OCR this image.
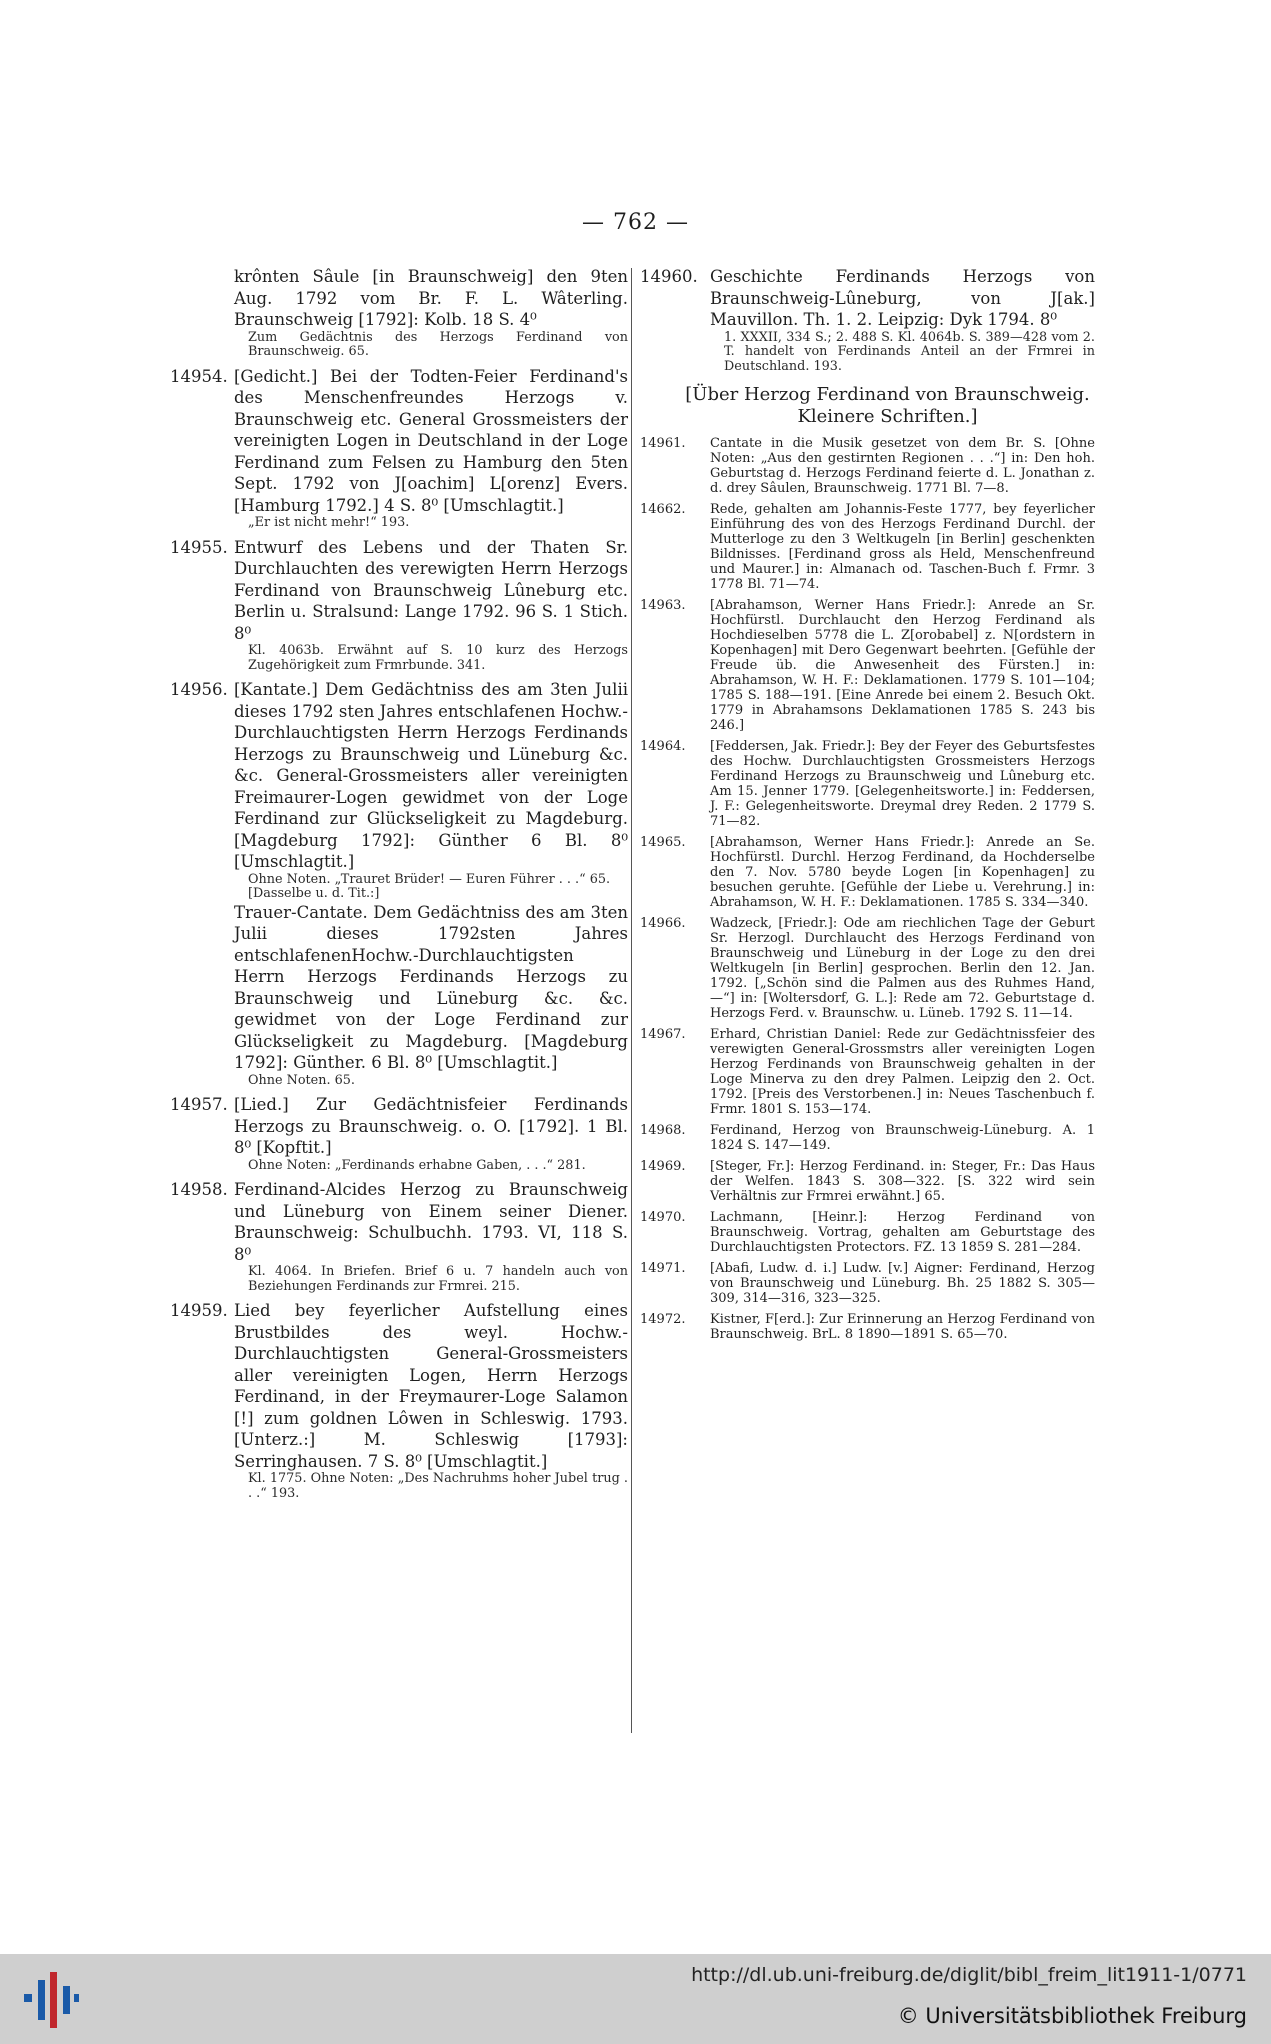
— 762 —
krônten Sâule [in Braunschweig] den 9ten Aug. 1792 vom Br. F. L. Wâterling. Braunschweig [1792]: Kolb. 18 S. 4⁰
Zum Gedächtnis des Herzogs Ferdinand von Braunschweig. 65.
14954. [Gedicht.] Bei der Todten-Feier Ferdinand's des Menschenfreundes Herzogs v. Braunschweig etc. General Grossmeisters der vereinigten Logen in Deutschland in der Loge Ferdinand zum Felsen zu Hamburg den 5ten Sept. 1792 von J[oachim] L[orenz] Evers. [Hamburg 1792.] 4 S. 8⁰ [Umschlagtit.]
„Er ist nicht mehr!“ 193.
14955. Entwurf des Lebens und der Thaten Sr. Durchlauchten des verewigten Herrn Herzogs Ferdinand von Braunschweig Lûneburg etc. Berlin u. Stralsund: Lange 1792. 96 S. 1 Stich. 8⁰
Kl. 4063b. Erwähnt auf S. 10 kurz des Herzogs Zugehörigkeit zum Frmrbunde. 341.
14956. [Kantate.] Dem Gedächtniss des am 3ten Julii dieses 1792 sten Jahres entschlafenen Hochw.-Durchlauchtigsten Herrn Herzogs Ferdinands Herzogs zu Braunschweig und Lüneburg &c. &c. General-Grossmeisters aller vereinigten Freimaurer-Logen gewidmet von der Loge Ferdinand zur Glückseligkeit zu Magdeburg. [Magdeburg 1792]: Günther 6 Bl. 8⁰ [Umschlagtit.]
Ohne Noten. „Trauret Brüder! — Euren Führer . . .“ 65.
[Dasselbe u. d. Tit.:]
Trauer-Cantate. Dem Gedächtniss des am 3ten Julii dieses 1792sten Jahres entschlafenenHochw.-Durchlauchtigsten Herrn Herzogs Ferdinands Herzogs zu Braunschweig und Lüneburg &c. &c. gewidmet von der Loge Ferdinand zur Glückseligkeit zu Magdeburg. [Magdeburg 1792]: Günther. 6 Bl. 8⁰ [Umschlagtit.]
Ohne Noten. 65.
14957. [Lied.] Zur Gedächtnisfeier Ferdinands Herzogs zu Braunschweig. o. O. [1792]. 1 Bl. 8⁰ [Kopftit.]
Ohne Noten: „Ferdinands erhabne Gaben, . . .“ 281.
14958. Ferdinand-Alcides Herzog zu Braunschweig und Lüneburg von Einem seiner Diener. Braunschweig: Schulbuchh. 1793. VI, 118 S. 8⁰
Kl. 4064. In Briefen. Brief 6 u. 7 handeln auch von Beziehungen Ferdinands zur Frmrei. 215.
14959. Lied bey feyerlicher Aufstellung eines Brustbildes des weyl. Hochw.-Durchlauchtigsten General-Grossmeisters aller vereinigten Logen, Herrn Herzogs Ferdinand, in der Freymaurer-Loge Salamon [!] zum goldnen Lôwen in Schleswig. 1793. [Unterz.:] M. Schleswig [1793]: Serringhausen. 7 S. 8⁰ [Umschlagtit.]
Kl. 1775. Ohne Noten: „Des Nachruhms hoher Jubel trug . . .“ 193.
14960. Geschichte Ferdinands Herzogs von Braunschweig-Lûneburg, von J[ak.] Mauvillon. Th. 1. 2. Leipzig: Dyk 1794. 8⁰
1. XXXII, 334 S.; 2. 488 S. Kl. 4064b. S. 389—428 vom 2. T. handelt von Ferdinands Anteil an der Frmrei in Deutschland. 193.
[Über Herzog Ferdinand von Braunschweig. Kleinere Schriften.]
14961. Cantate in die Musik gesetzet von dem Br. S. [Ohne Noten: „Aus den gestirnten Regionen . . .“] in: Den hoh. Geburtstag d. Herzogs Ferdinand feierte d. L. Jonathan z. d. drey Sâulen, Braunschweig. 1771 Bl. 7—8.
14662. Rede, gehalten am Johannis-Feste 1777, bey feyerlicher Einführung des von des Herzogs Ferdinand Durchl. der Mutterloge zu den 3 Weltkugeln [in Berlin] geschenkten Bildnisses. [Ferdinand gross als Held, Menschenfreund und Maurer.] in: Almanach od. Taschen-Buch f. Frmr. 3 1778 Bl. 71—74.
14963. [Abrahamson, Werner Hans Friedr.]: Anrede an Sr. Hochfürstl. Durchlaucht den Herzog Ferdinand als Hochdieselben 5778 die L. Z[orobabel] z. N[ordstern in Kopenhagen] mit Dero Gegenwart beehrten. [Gefühle der Freude üb. die Anwesenheit des Fürsten.] in: Abrahamson, W. H. F.: Deklamationen. 1779 S. 101—104; 1785 S. 188—191. [Eine Anrede bei einem 2. Besuch Okt. 1779 in Abrahamsons Deklamationen 1785 S. 243 bis 246.]
14964. [Feddersen, Jak. Friedr.]: Bey der Feyer des Geburtsfestes des Hochw. Durchlauchtigsten Grossmeisters Herzogs Ferdinand Herzogs zu Braunschweig und Lûneburg etc. Am 15. Jenner 1779. [Gelegenheitsworte.] in: Feddersen, J. F.: Gelegenheitsworte. Dreymal drey Reden. 2 1779 S. 71—82.
14965. [Abrahamson, Werner Hans Friedr.]: Anrede an Se. Hochfürstl. Durchl. Herzog Ferdinand, da Hochderselbe den 7. Nov. 5780 beyde Logen [in Kopenhagen] zu besuchen geruhte. [Gefühle der Liebe u. Verehrung.] in: Abrahamson, W. H. F.: Deklamationen. 1785 S. 334—340.
14966. Wadzeck, [Friedr.]: Ode am riechlichen Tage der Geburt Sr. Herzogl. Durchlaucht des Herzogs Ferdinand von Braunschweig und Lüneburg in der Loge zu den drei Weltkugeln [in Berlin] gesprochen. Berlin den 12. Jan. 1792. [„Schön sind die Palmen aus des Ruhmes Hand, —“] in: [Woltersdorf, G. L.]: Rede am 72. Geburtstage d. Herzogs Ferd. v. Braunschw. u. Lüneb. 1792 S. 11—14.
14967. Erhard, Christian Daniel: Rede zur Gedächtnissfeier des verewigten General-Grossmstrs aller vereinigten Logen Herzog Ferdinands von Braunschweig gehalten in der Loge Minerva zu den drey Palmen. Leipzig den 2. Oct. 1792. [Preis des Verstorbenen.] in: Neues Taschenbuch f. Frmr. 1801 S. 153—174.
14968. Ferdinand, Herzog von Braunschweig-Lüneburg. A. 1 1824 S. 147—149.
14969. [Steger, Fr.]: Herzog Ferdinand. in: Steger, Fr.: Das Haus der Welfen. 1843 S. 308—322. [S. 322 wird sein Verhältnis zur Frmrei erwähnt.] 65.
14970. Lachmann, [Heinr.]: Herzog Ferdinand von Braunschweig. Vortrag, gehalten am Geburtstage des Durchlauchtigsten Protectors. FZ. 13 1859 S. 281—284.
14971. [Abafi, Ludw. d. i.] Ludw. [v.] Aigner: Ferdinand, Herzog von Braunschweig und Lüneburg. Bh. 25 1882 S. 305—309, 314—316, 323—325.
14972. Kistner, F[erd.]: Zur Erinnerung an Herzog Ferdinand von Braunschweig. BrL. 8 1890—1891 S. 65—70.
http://dl.ub.uni-freiburg.de/diglit/bibl_freim_lit1911-1/0771
© Universitätsbibliothek Freiburg
